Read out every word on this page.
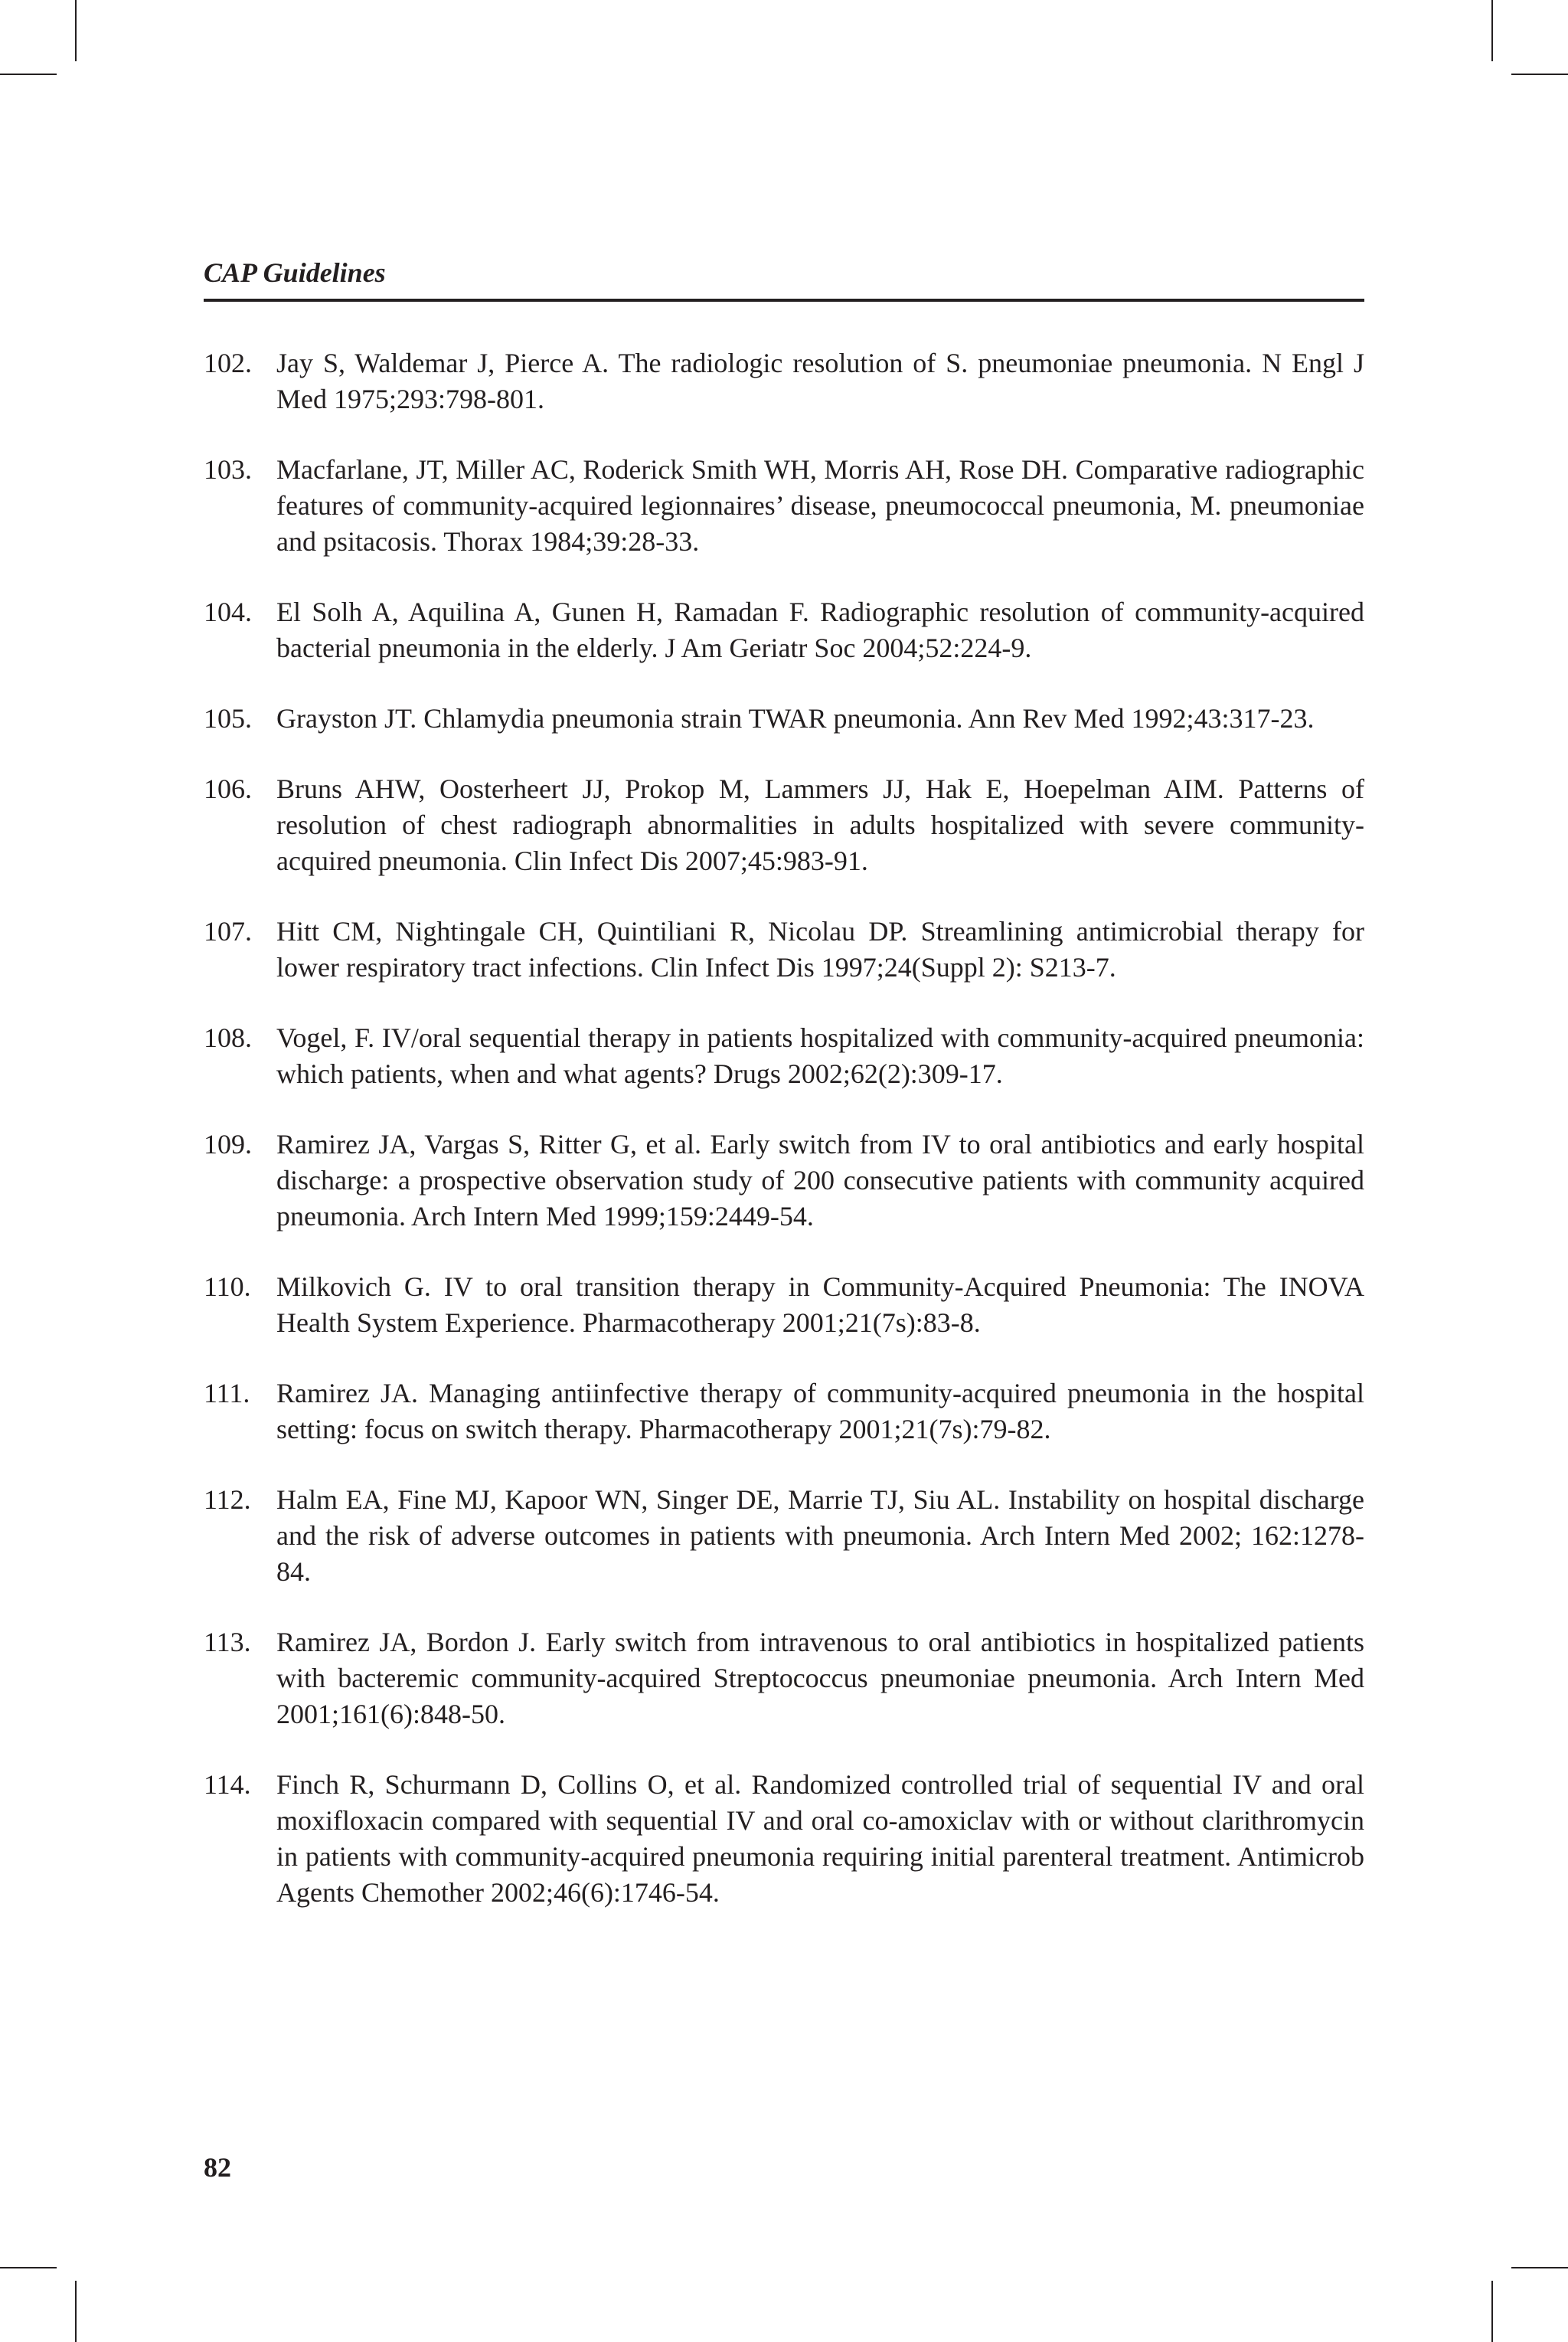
CAP Guidelines
102. Jay S, Waldemar J, Pierce A. The radiologic resolution of S. pneumoniae pneumonia. N Engl J Med 1975;293:798-801.
103. Macfarlane, JT, Miller AC, Roderick Smith WH, Morris AH, Rose DH. Comparative radiographic features of community-acquired legionnaires’ disease, pneumococcal pneumonia, M. pneumoniae and psitacosis. Thorax 1984;39:28-33.
104. El Solh A, Aquilina A, Gunen H, Ramadan F. Radiographic resolution of community-acquired bacterial pneumonia in the elderly. J Am Geriatr Soc 2004;52:224-9.
105. Grayston JT. Chlamydia pneumonia strain TWAR pneumonia. Ann Rev Med 1992;43:317-23.
106. Bruns AHW, Oosterheert JJ, Prokop M, Lammers JJ, Hak E, Hoepelman AIM. Patterns of resolution of chest radiograph abnormalities in adults hospitalized with severe community-acquired pneumonia. Clin Infect Dis 2007;45:983-91.
107. Hitt CM, Nightingale CH, Quintiliani R, Nicolau DP. Streamlining antimicrobial therapy for lower respiratory tract infections. Clin Infect Dis 1997;24(Suppl 2): S213-7.
108. Vogel, F. IV/oral sequential therapy in patients hospitalized with community-acquired pneumonia: which patients, when and what agents? Drugs 2002;62(2):309-17.
109. Ramirez JA, Vargas S, Ritter G, et al. Early switch from IV to oral antibiotics and early hospital discharge: a prospective observation study of 200 consecutive patients with community acquired pneumonia. Arch Intern Med 1999;159:2449-54.
110. Milkovich G. IV to oral transition therapy in Community-Acquired Pneumonia: The INOVA Health System Experience. Pharmacotherapy 2001;21(7s):83-8.
111. Ramirez JA. Managing antiinfective therapy of community-acquired pneumonia in the hospital setting: focus on switch therapy. Pharmacotherapy 2001;21(7s):79-82.
112. Halm EA, Fine MJ, Kapoor WN, Singer DE, Marrie TJ, Siu AL. Instability on hospital discharge and the risk of adverse outcomes in patients with pneumonia. Arch Intern Med 2002; 162:1278-84.
113. Ramirez JA, Bordon J. Early switch from intravenous to oral antibiotics in hospitalized patients with bacteremic community-acquired Streptococcus pneumoniae pneumonia. Arch Intern Med 2001;161(6):848-50.
114. Finch R, Schurmann D, Collins O, et al. Randomized controlled trial of sequential IV and oral moxifloxacin compared with sequential IV and oral co-amoxiclav with or without clarithromycin in patients with community-acquired pneumonia requiring initial parenteral treatment. Antimicrob Agents Chemother 2002;46(6):1746-54.
82
